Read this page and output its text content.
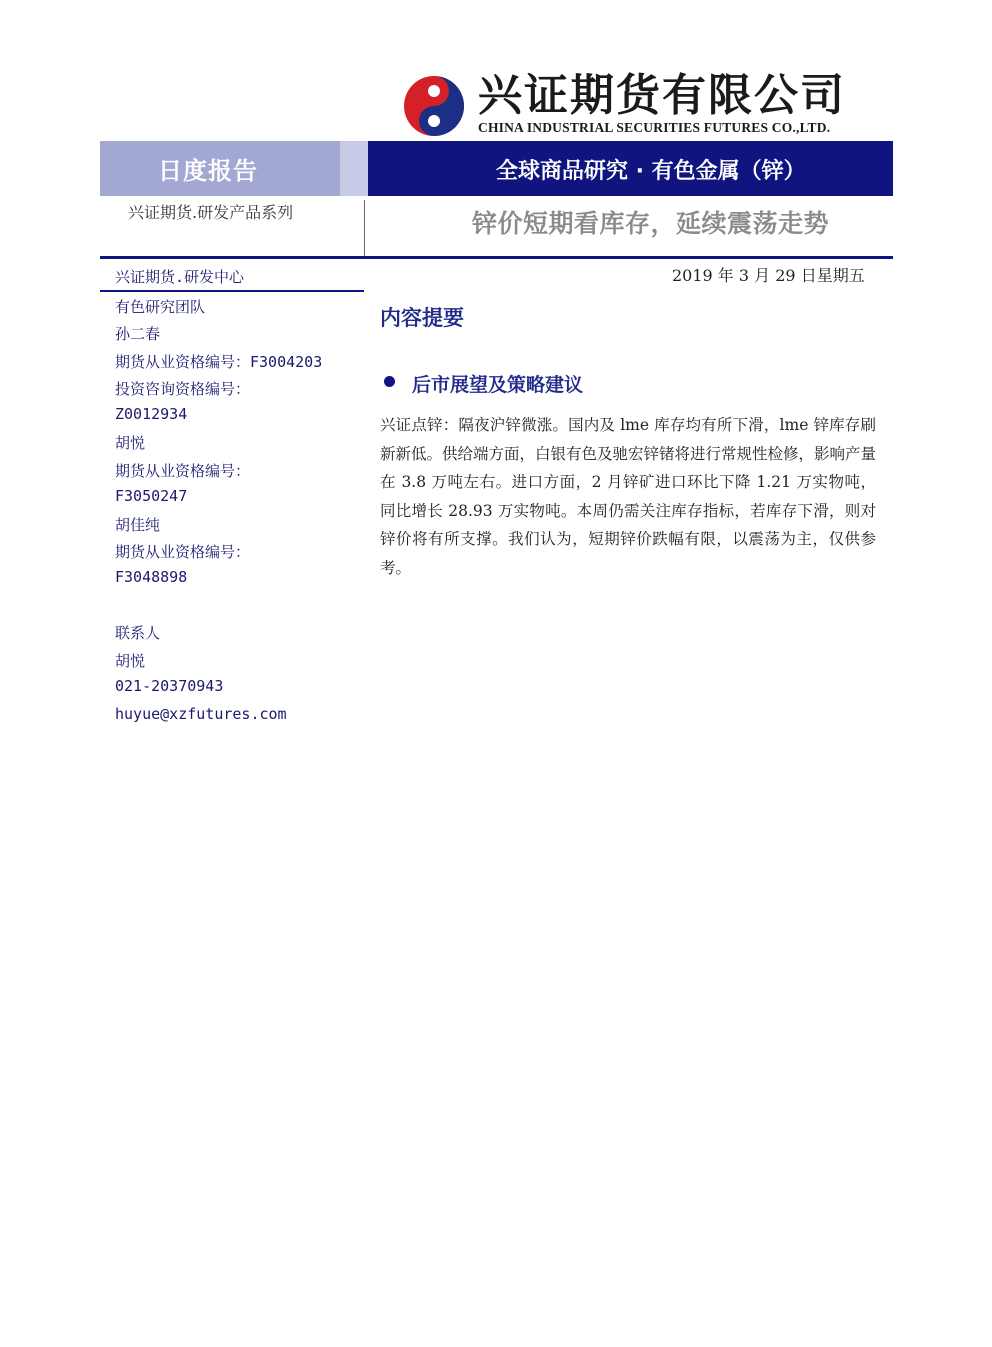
兴证期货有限公司
CHINA INDUSTRIAL SECURITIES FUTURES CO.,LTD.
日度报告	全球商品研究 · 有色金属（锌）
兴证期货.研发产品系列	锌价短期看库存，延续震荡走势
兴证期货.研发中心
有色研究团队
孙二春
期货从业资格编号：F3004203
投资咨询资格编号：
Z0012934
胡悦
期货从业资格编号：
F3050247
胡佳纯
期货从业资格编号：
F3048898
联系人
胡悦
021-20370943
huyue@xzfutures.com
2019 年 3 月 29 日星期五
内容提要
后市展望及策略建议
兴证点锌：隔夜沪锌微涨。国内及 lme 库存均有所下滑，lme 锌库存刷新新低。供给端方面，白银有色及驰宏锌锗将进行常规性检修，影响产量在 3.8 万吨左右。进口方面，2 月锌矿进口环比下降 1.21 万实物吨，同比增长 28.93 万实物吨。本周仍需关注库存指标，若库存下滑，则对锌价将有所支撑。我们认为，短期锌价跌幅有限，以震荡为主，仅供参考。
